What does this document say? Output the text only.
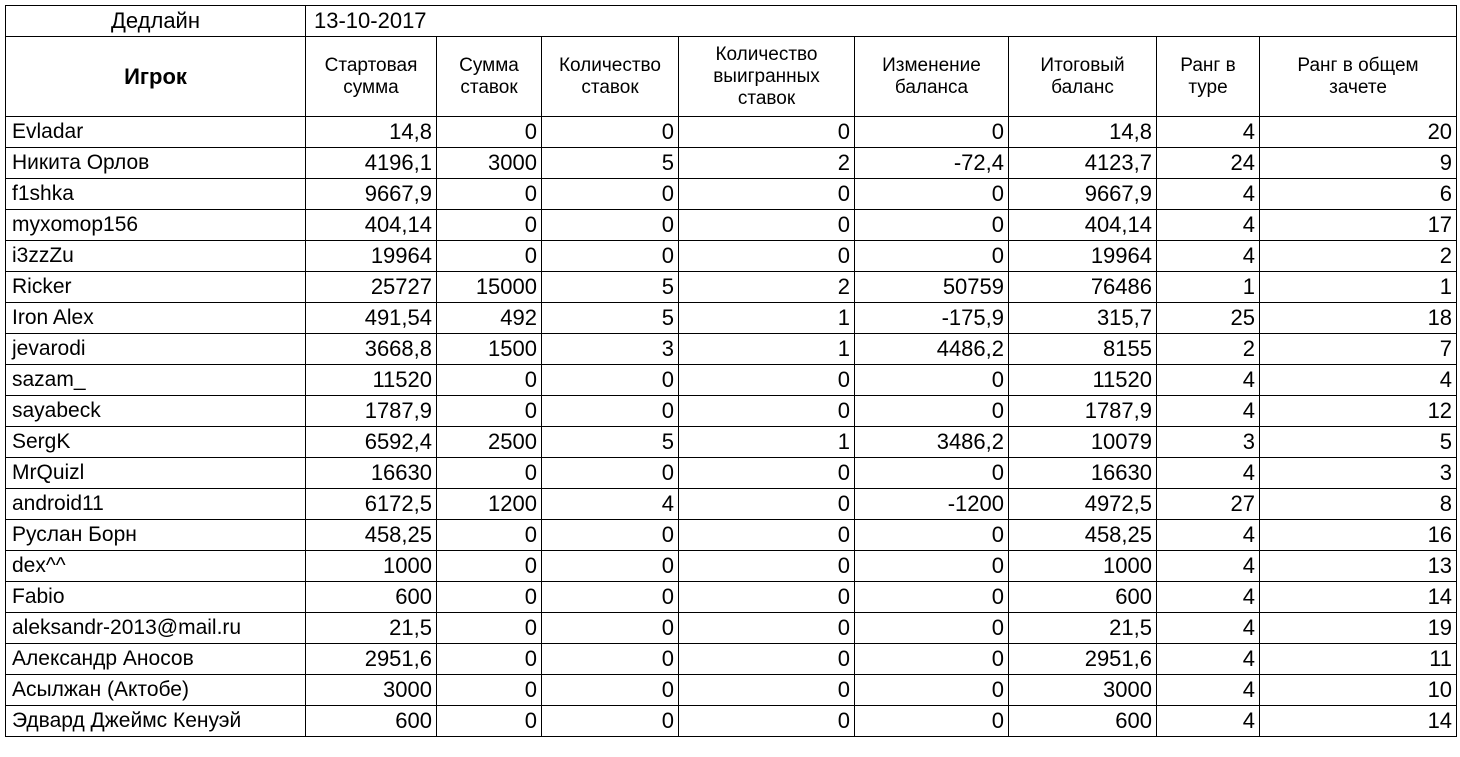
Дедлайн	13-10-2017							
Игрок	Стартовая сумма	Сумма ставок	Количество ставок	Количество выигранных ставок	Изменение баланса	Итоговый баланс	Ранг в туре	Ранг в общем зачете
Evladar	14,8	0	0	0	0	14,8	4	20
Никита Орлов	4196,1	3000	5	2	-72,4	4123,7	24	9
f1shka	9667,9	0	0	0	0	9667,9	4	6
myxomop156	404,14	0	0	0	0	404,14	4	17
i3zzZu	19964	0	0	0	0	19964	4	2
Ricker	25727	15000	5	2	50759	76486	1	1
Iron Alex	491,54	492	5	1	-175,9	315,7	25	18
jevarodi	3668,8	1500	3	1	4486,2	8155	2	7
sazam_	11520	0	0	0	0	11520	4	4
sayabeck	1787,9	0	0	0	0	1787,9	4	12
SergK	6592,4	2500	5	1	3486,2	10079	3	5
MrQuizl	16630	0	0	0	0	16630	4	3
android11	6172,5	1200	4	0	-1200	4972,5	27	8
Руслан Борн	458,25	0	0	0	0	458,25	4	16
dex^^	1000	0	0	0	0	1000	4	13
Fabio	600	0	0	0	0	600	4	14
aleksandr-2013@mail.ru	21,5	0	0	0	0	21,5	4	19
Александр Аносов	2951,6	0	0	0	0	2951,6	4	11
Асылжан (Актобе)	3000	0	0	0	0	3000	4	10
Эдвард Джеймс Кенуэй	600	0	0	0	0	600	4	14
